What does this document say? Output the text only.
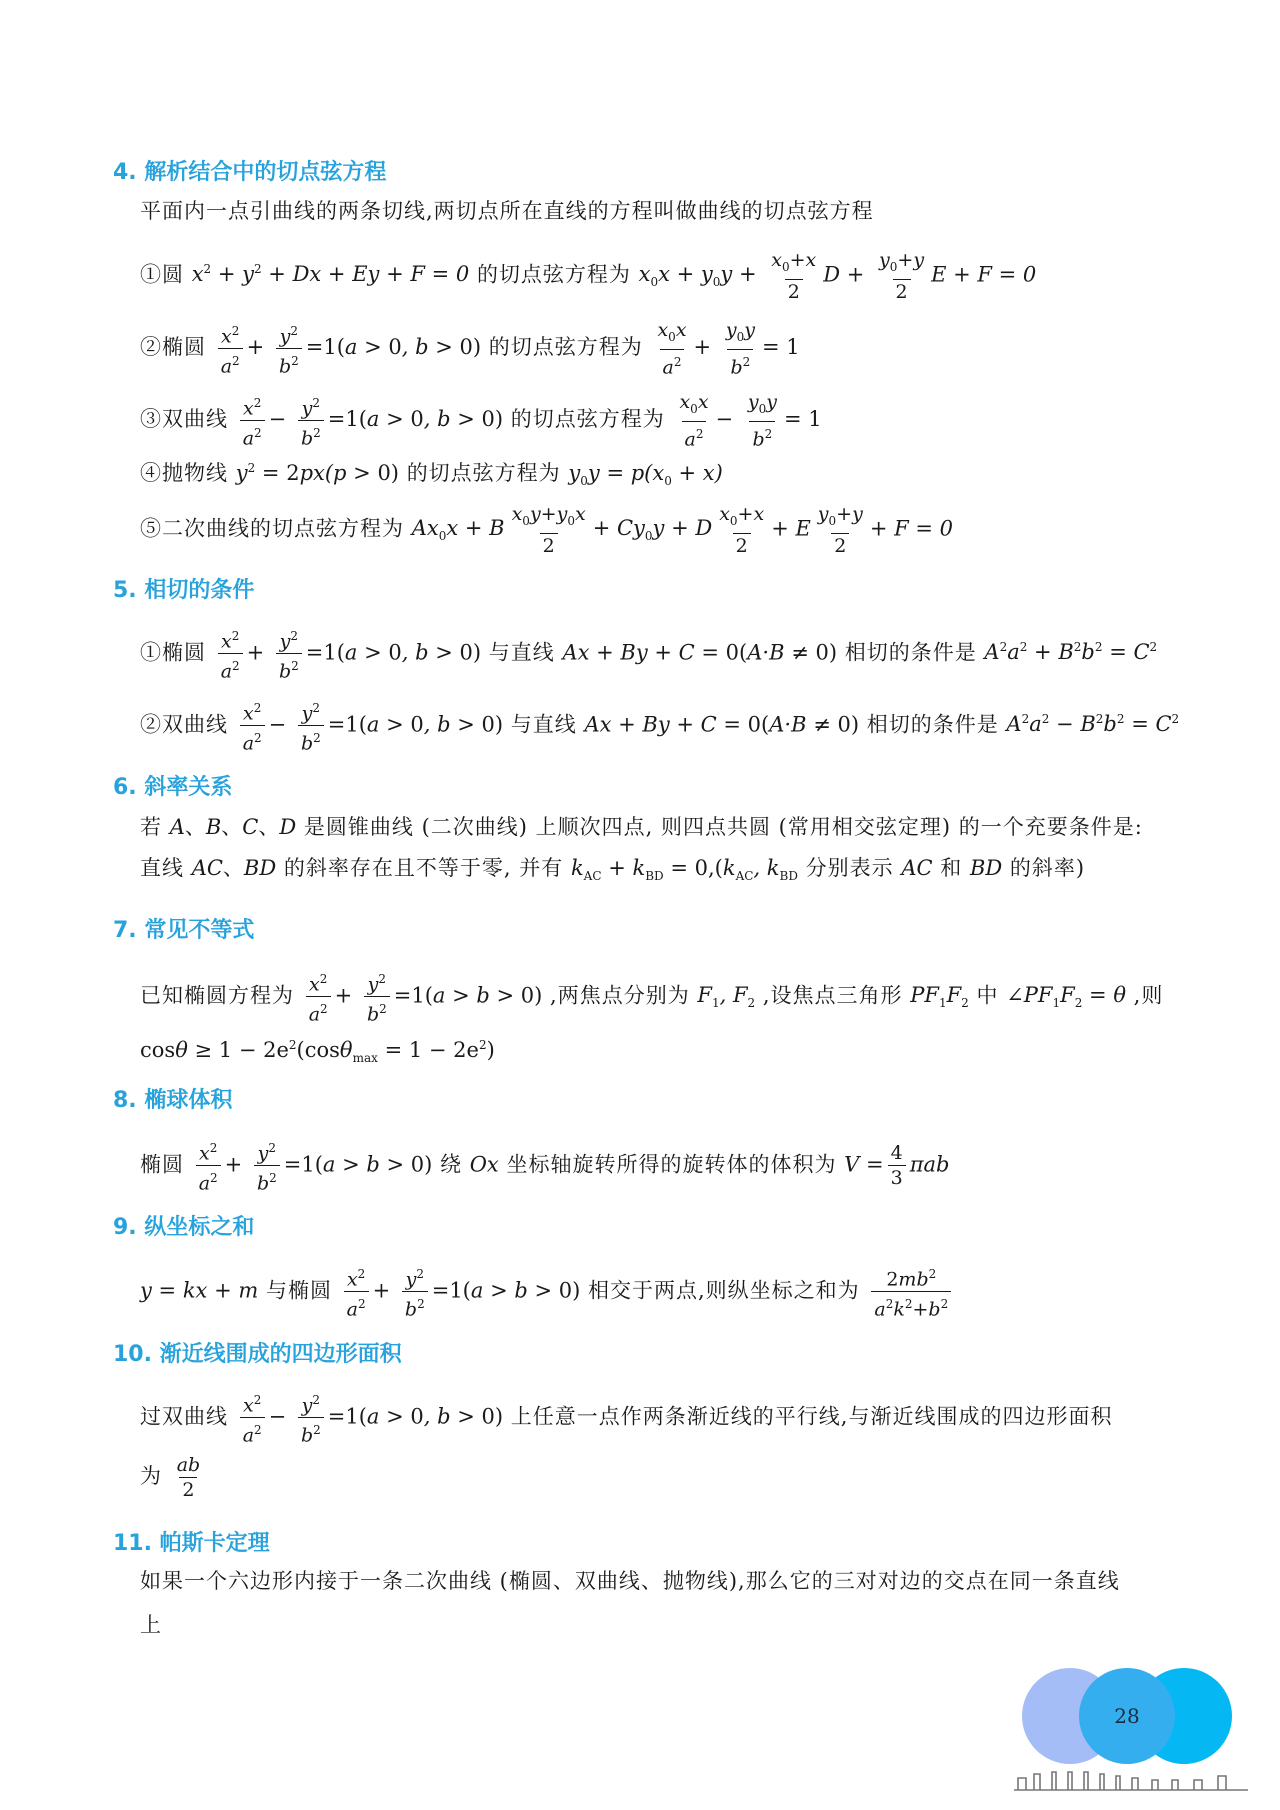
4. 解析结合中的切点弦方程
平面内一点引曲线的两条切线,两切点所在直线的方程叫做曲线的切点弦方程
①圆 $x^2 + y^2 + Dx + Ey + F = 0$ 的切点弦方程为 $x_0x + y_0y + \frac{x_0+x}{2}$ $D + \frac{y_0+y}{2}$ E + F = 0
②椭圆 $\frac{x^2}{a^2} + \frac{y^2}{b^2} =1(a > 0$, b > 0) 的切点弦方程为 $\frac{x_0x}{a^2} + \frac{y_0y}{b^2} = 1$
③双曲线 $\frac{x^2}{a^2} - \frac{y^2}{b^2} =1(a > 0$, b > 0) 的切点弦方程为 $\frac{x_0x}{a^2} - \frac{y_0y}{b^2} = 1$
④抛物线 $y^2 = 2px(p > 0)$ 的切点弦方程为 $y_0y = p(x_0 + x)$
⑤二次曲线的切点弦方程为 $Ax_0x + B \frac{x_0y+y_0x}{2} + Cy_0y + D \frac{x_0+x}{2} + E \frac{y_0+y}{2} + F = 0$
5. 相切的条件
①椭圆 $\frac{x^2}{a^2} + \frac{y^2}{b^2} =1(a > 0$, b > 0) 与直线 Ax + By + C = 0(A·B ≠ 0) 相切的条件是 $A^2a^2 + B^2b^2 = C^2$
②双曲线 $\frac{x^2}{a^2} - \frac{y^2}{b^2} =1(a > 0$, b > 0) 与直线 Ax + By + C = 0(A·B ≠ 0) 相切的条件是 $A^2a^2 - B^2b^2 = C^2$
6. 斜率关系
若 A、B、C、D 是圆锥曲线 (二次曲线) 上顺次四点, 则四点共圆 (常用相交弦定理) 的一个充要条件是:
直线 AC、BD 的斜率存在且不等于零, 并有 $k_{AC} + k_{BD} = 0,(k_{AC}$, $k_{BD}$ 分别表示 AC 和 BD 的斜率)
7. 常见不等式
已知椭圆方程为 $\frac{x^2}{a^2} + \frac{y^2}{b^2} =1(a > b > 0)$ ,两焦点分别为 $F_1$, $F_2$ ,设焦点三角形 $PF_1F_2$ 中 $\angle PF_1F_2 = \theta$ ,则
$\cos\theta \ge 1 - 2e^2(\cos\theta_{max} = 1 - 2e^2)$
8. 椭球体积
椭圆 $\frac{x^2}{a^2} + \frac{y^2}{b^2} =1(a > b > 0)$ 绕 Ox 坐标轴旋转所得的旋转体的体积为 $V = \frac{4}{3}$ πab
9. 纵坐标之和
y = kx + m 与椭圆 $\frac{x^2}{a^2} + \frac{y^2}{b^2} =1(a > b > 0)$ 相交于两点,则纵坐标之和为 $\frac{2mb^2}{a^2k^2+b^2}$
10. 渐近线围成的四边形面积
过双曲线 $\frac{x^2}{a^2} - \frac{y^2}{b^2} =1(a > 0$, b > 0) 上任意一点作两条渐近线的平行线,与渐近线围成的四边形面积
为 $\frac{ab}{2}$
11. 帕斯卡定理
如果一个六边形内接于一条二次曲线 (椭圆、双曲线、抛物线),那么它的三对对边的交点在同一条直线
上
28
